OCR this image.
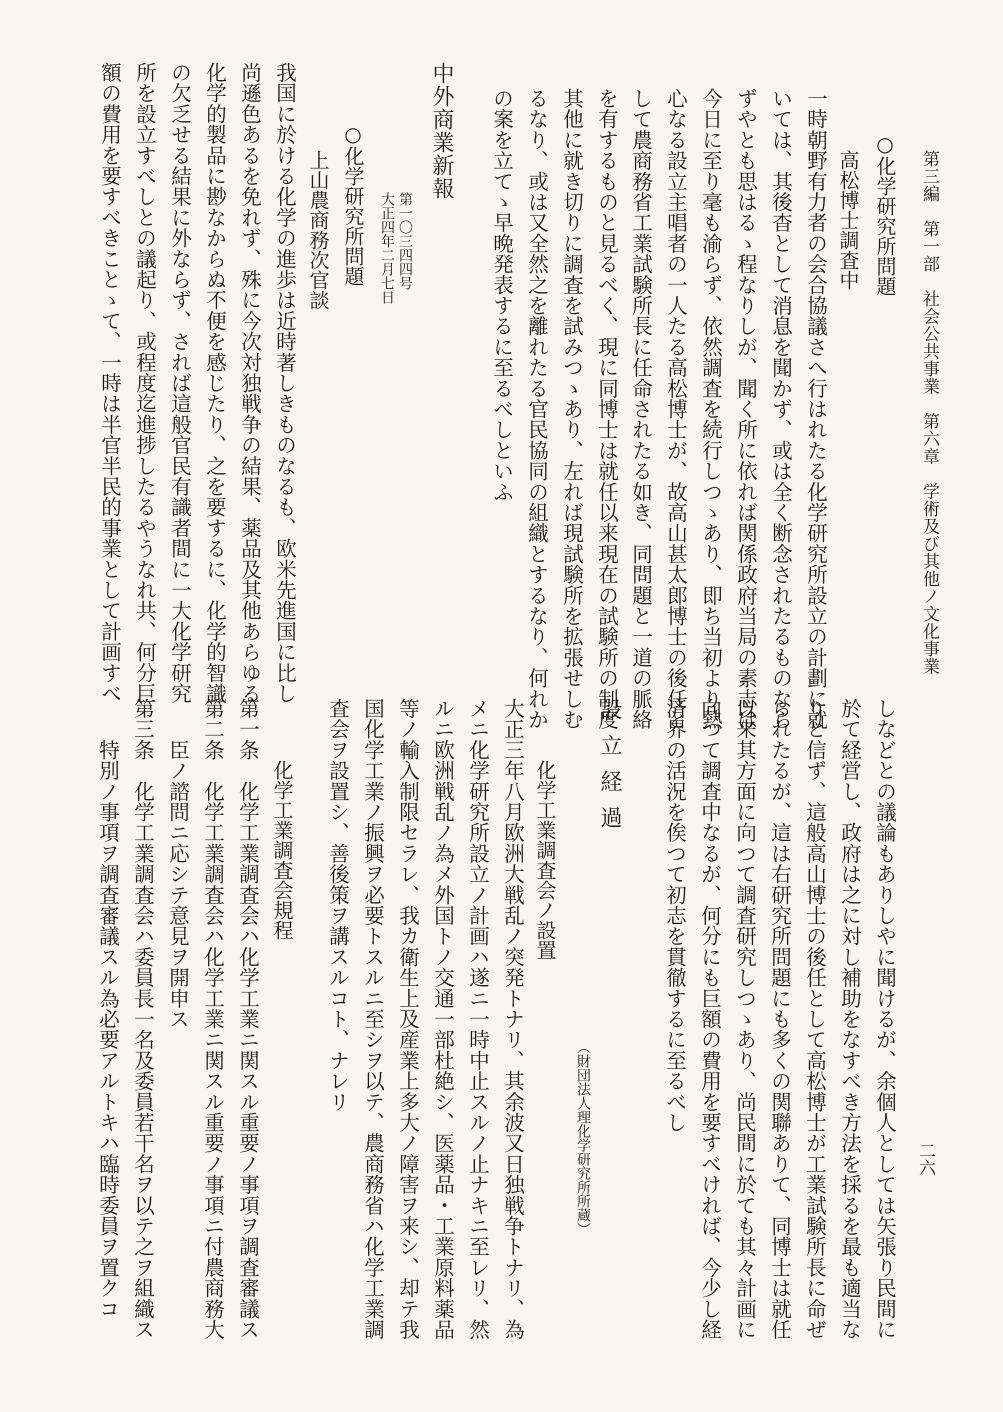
第三編　第一部　社会公共事業　第六章　学術及び其他ノ文化事業
二六
○化学研究所問題
高松博士調査中
一時朝野有力者の会合協議さへ行はれたる化学研究所設立の計劃に就
いては、其後杳として消息を聞かず、或は全く断念されたるものなら
ずやとも思はるゝ程なりしが、聞く所に依れば関係政府当局の素志は
今日に至り毫も渝らず、依然調査を続行しつゝあり、即ち当初より熱
心なる設立主唱者の一人たる高松博士が、故高山甚太郎博士の後任と
して農商務省工業試験所長に任命されたる如き、同問題と一道の脈絡
を有するものと見るべく、現に同博士は就任以来現在の試験所の制度
其他に就き切りに調査を試みつゝあり、左れば現試験所を拡張せしむ
るなり、或は又全然之を離れたる官民協同の組織とするなり、何れか
の案を立てゝ早晩発表するに至るべしといふ
中外商業新報
第一〇三四四号
大正四年二月七日
○化学研究所問題
上山農商務次官談
我国に於ける化学の進歩は近時著しきものなるも、欧米先進国に比し
尚遜色あるを免れず、殊に今次対独戦争の結果、薬品及其他あらゆる
化学的製品に尠なからぬ不便を感じたり、之を要するに、化学的智識
の欠乏せる結果に外ならず、されば這般官民有識者間に一大化学研究
所を設立すべしとの議起り、或程度迄進捗したるやうなれ共、何分巨
額の費用を要すべきことゝて、一時は半官半民的事業として計画すべ
しなどとの議論もありしやに聞けるが、余個人としては矢張り民間に
於て経営し、政府は之に対し補助をなすべき方法を採るを最も適当な
りと信ず、這般高山博士の後任として高松博士が工業試験所長に命ぜ
られたるが、這は右研究所問題にも多くの関聯ありて、同博士は就任
以来其方面に向つて調査研究しつゝあり、尚民間に於ても其々計画に
向つて調査中なるが、何分にも巨額の費用を要すべければ、今少し経
済界の活況を俟つて初志を貫徹するに至るべし
設立経過
（財団法人理化学研究所所蔵）
化学工業調査会ノ設置
大正三年八月欧洲大戦乱ノ突発トナリ、其余波又日独戦争トナリ、為
メニ化学研究所設立ノ計画ハ遂ニ一時中止スルノ止ナキニ至レリ、然
ルニ欧洲戦乱ノ為メ外国トノ交通一部杜絶シ、医薬品・工業原料薬品
等ノ輸入制限セラレ、我カ衛生上及産業上多大ノ障害ヲ来シ、却テ我
国化学工業ノ振興ヲ必要トスルニ至シヲ以テ、農商務省ハ化学工業調
査会ヲ設置シ、善後策ヲ講スルコト、ナレリ
化学工業調査会規程
第一条　化学工業調査会ハ化学工業ニ関スル重要ノ事項ヲ調査審議ス
第二条　化学工業調査会ハ化学工業ニ関スル重要ノ事項ニ付農商務大
　　臣ノ諮問ニ応シテ意見ヲ開申ス
第三条　化学工業調査会ハ委員長一名及委員若干名ヲ以テ之ヲ組織ス
　　特別ノ事項ヲ調査審議スル為必要アルトキハ臨時委員ヲ置クコ
